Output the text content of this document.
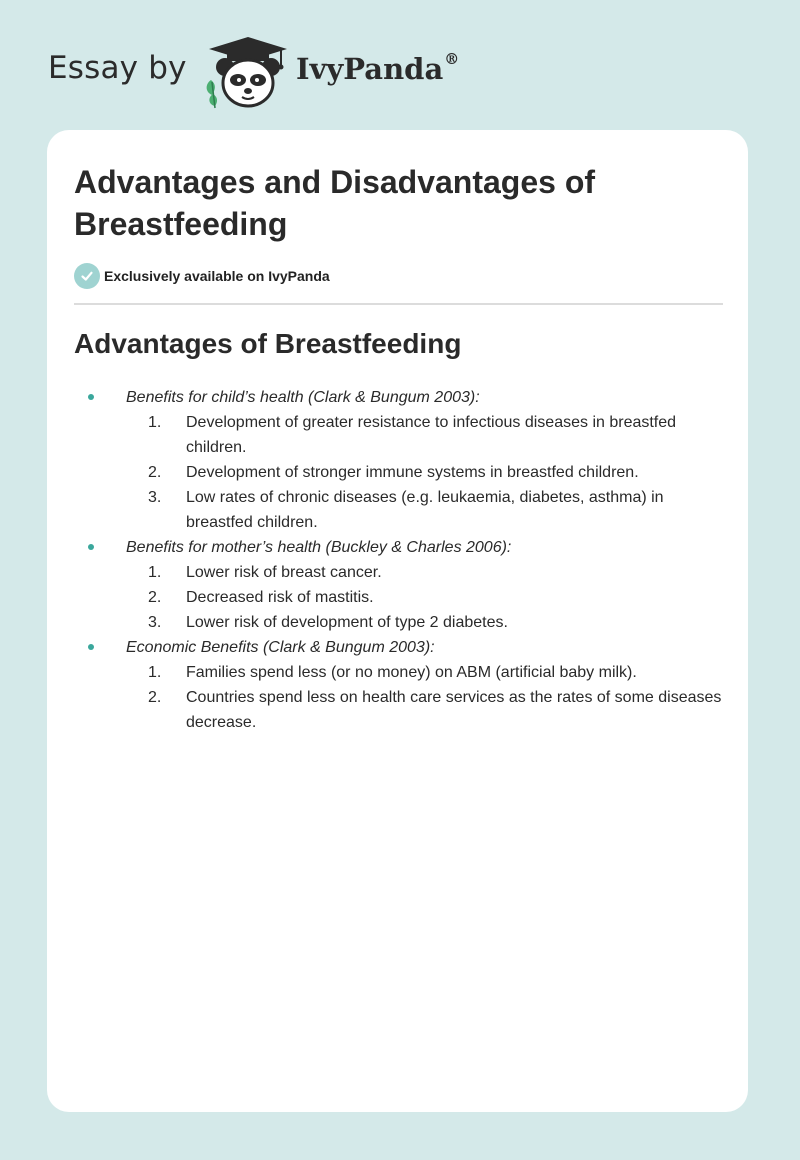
Essay by	IvyPanda®
Advantages and Disadvantages of Breastfeeding
Exclusively available on IvyPanda
Advantages of Breastfeeding
Benefits for child’s health (Clark & Bungum 2003):
1. Development of greater resistance to infectious diseases in breastfed children.
2. Development of stronger immune systems in breastfed children.
3. Low rates of chronic diseases (e.g. leukaemia, diabetes, asthma) in breastfed children.
Benefits for mother’s health (Buckley & Charles 2006):
1. Lower risk of breast cancer.
2. Decreased risk of mastitis.
3. Lower risk of development of type 2 diabetes.
Economic Benefits (Clark & Bungum 2003):
1. Families spend less (or no money) on ABM (artificial baby milk).
2. Countries spend less on health care services as the rates of some diseases decrease.
